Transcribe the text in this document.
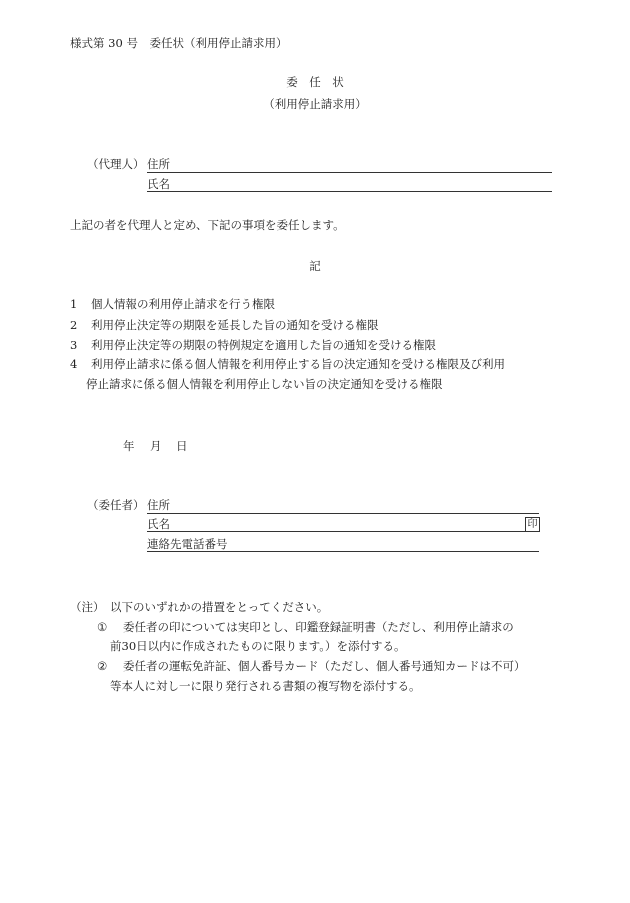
様式第 30 号　委任状（利用停止請求用）
委　任　状
（利用停止請求用）
（代理人） 住所
氏名
上記の者を代理人と定め、下記の事項を委任します。
記
1 個人情報の利用停止請求を行う権限
2 利用停止決定等の期限を延長した旨の通知を受ける権限
3 利用停止決定等の期限の特例規定を適用した旨の通知を受ける権限
4 利用停止請求に係る個人情報を利用停止する旨の決定通知を受ける権限及び利用
停止請求に係る個人情報を利用停止しない旨の決定通知を受ける権限
年 月 日
（委任者） 住所
氏名	印
連絡先電話番号
（注） 以下のいずれかの措置をとってください。
① 委任者の印については実印とし、印鑑登録証明書（ただし、利用停止請求の
前30日以内に作成されたものに限ります。）を添付する。
② 委任者の運転免許証、個人番号カード（ただし、個人番号通知カードは不可）
等本人に対し一に限り発行される書類の複写物を添付する。
